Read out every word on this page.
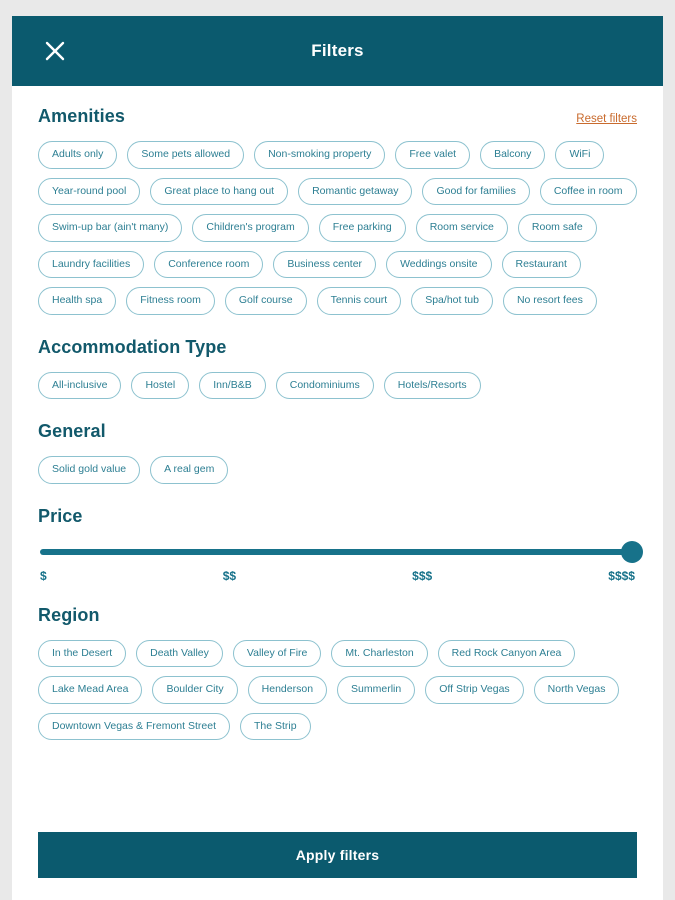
Filters
Amenities	Reset filters
Adults only	Some pets allowed	Non-smoking property	Free valet	Balcony	WiFi
Year-round pool	Great place to hang out	Romantic getaway	Good for families	Coffee in room
Swim-up bar (ain't many)	Children's program	Free parking	Room service	Room safe
Laundry facilities	Conference room	Business center	Weddings onsite	Restaurant
Health spa	Fitness room	Golf course	Tennis court	Spa/hot tub	No resort fees
Accommodation Type
All-inclusive	Hostel	Inn/B&B	Condominiums	Hotels/Resorts
General
Solid gold value	A real gem
Price
$	$$	$$$	$$$$
Region
In the Desert	Death Valley	Valley of Fire	Mt. Charleston	Red Rock Canyon Area
Lake Mead Area	Boulder City	Henderson	Summerlin	Off Strip Vegas	North Vegas
Downtown Vegas & Fremont Street	The Strip
Apply filters
